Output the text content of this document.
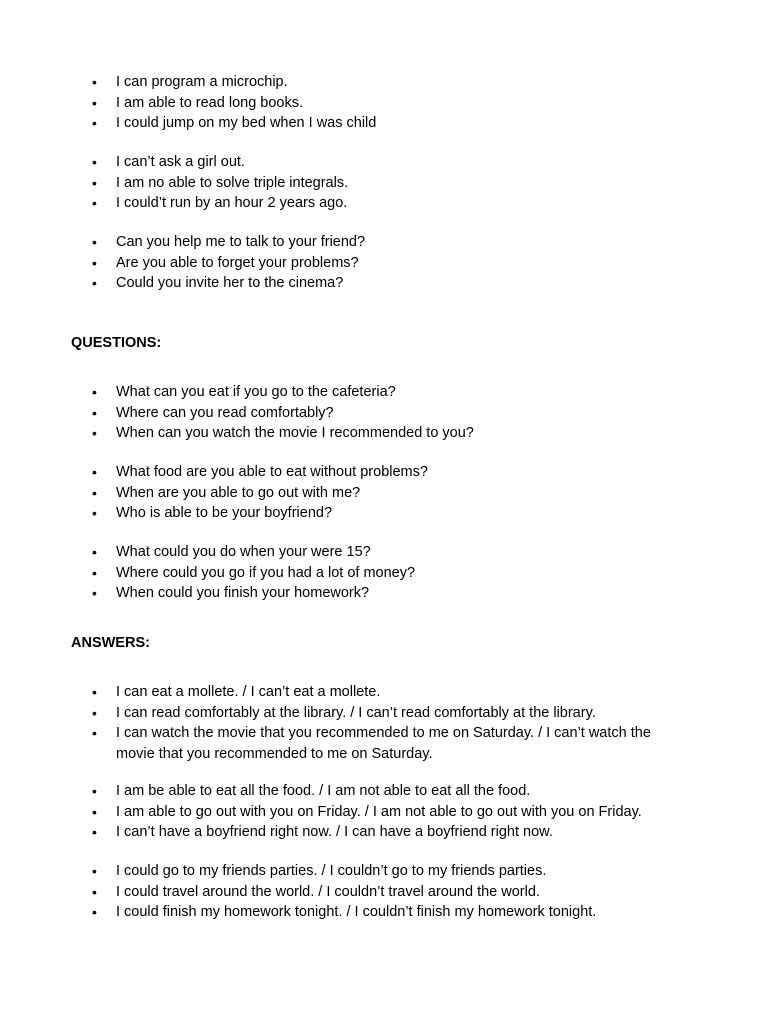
• I can program a microchip.
• I am able to read long books.
• I could jump on my bed when I was child
• I can’t ask a girl out.
• I am no able to solve triple integrals.
• I could’t run by an hour 2 years ago.
• Can you help me to talk to your friend?
• Are you able to forget your problems?
• Could you invite her to the cinema?
QUESTIONS:
• What can you eat if you go to the cafeteria?
• Where can you read comfortably?
• When can you watch the movie I recommended to you?
• What food are you able to eat without problems?
• When are you able to go out with me?
• Who is able to be your boyfriend?
• What could you do when your were 15?
• Where could you go if you had a lot of money?
• When could you finish your homework?
ANSWERS:
• I can eat a mollete. / I can’t eat a mollete.
• I can read comfortably at the library. / I can’t read comfortably at the library.
• I can watch the movie that you recommended to me on Saturday. / I can’t watch the movie that you recommended to me on Saturday.
• I am be able to eat all the food. / I am not able to eat all the food.
• I am able to go out with you on Friday. / I am not able to go out with you on Friday.
• I can’t have a boyfriend right now. / I can have a boyfriend right now.
• I could go to my friends parties. / I couldn’t go to my friends parties.
• I could travel around the world. / I couldn’t travel around the world.
• I could finish my homework tonight. / I couldn’t finish my homework tonight.
